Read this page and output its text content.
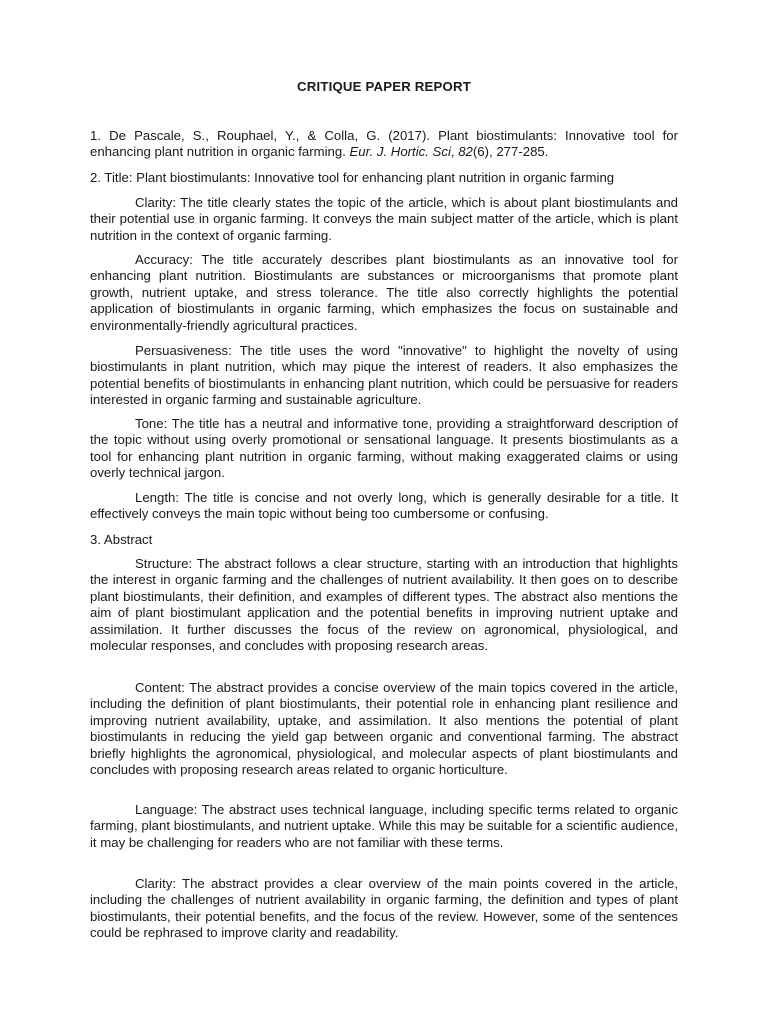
CRITIQUE PAPER REPORT
1. De Pascale, S., Rouphael, Y., & Colla, G. (2017). Plant biostimulants: Innovative tool for enhancing plant nutrition in organic farming. Eur. J. Hortic. Sci, 82(6), 277-285.
2. Title: Plant biostimulants: Innovative tool for enhancing plant nutrition in organic farming
Clarity: The title clearly states the topic of the article, which is about plant biostimulants and their potential use in organic farming. It conveys the main subject matter of the article, which is plant nutrition in the context of organic farming.
Accuracy: The title accurately describes plant biostimulants as an innovative tool for enhancing plant nutrition. Biostimulants are substances or microorganisms that promote plant growth, nutrient uptake, and stress tolerance. The title also correctly highlights the potential application of biostimulants in organic farming, which emphasizes the focus on sustainable and environmentally-friendly agricultural practices.
Persuasiveness: The title uses the word "innovative" to highlight the novelty of using biostimulants in plant nutrition, which may pique the interest of readers. It also emphasizes the potential benefits of biostimulants in enhancing plant nutrition, which could be persuasive for readers interested in organic farming and sustainable agriculture.
Tone: The title has a neutral and informative tone, providing a straightforward description of the topic without using overly promotional or sensational language. It presents biostimulants as a tool for enhancing plant nutrition in organic farming, without making exaggerated claims or using overly technical jargon.
Length: The title is concise and not overly long, which is generally desirable for a title. It effectively conveys the main topic without being too cumbersome or confusing.
3. Abstract
Structure: The abstract follows a clear structure, starting with an introduction that highlights the interest in organic farming and the challenges of nutrient availability. It then goes on to describe plant biostimulants, their definition, and examples of different types. The abstract also mentions the aim of plant biostimulant application and the potential benefits in improving nutrient uptake and assimilation. It further discusses the focus of the review on agronomical, physiological, and molecular responses, and concludes with proposing research areas.
Content: The abstract provides a concise overview of the main topics covered in the article, including the definition of plant biostimulants, their potential role in enhancing plant resilience and improving nutrient availability, uptake, and assimilation. It also mentions the potential of plant biostimulants in reducing the yield gap between organic and conventional farming. The abstract briefly highlights the agronomical, physiological, and molecular aspects of plant biostimulants and concludes with proposing research areas related to organic horticulture.
Language: The abstract uses technical language, including specific terms related to organic farming, plant biostimulants, and nutrient uptake. While this may be suitable for a scientific audience, it may be challenging for readers who are not familiar with these terms.
Clarity: The abstract provides a clear overview of the main points covered in the article, including the challenges of nutrient availability in organic farming, the definition and types of plant biostimulants, their potential benefits, and the focus of the review. However, some of the sentences could be rephrased to improve clarity and readability.
